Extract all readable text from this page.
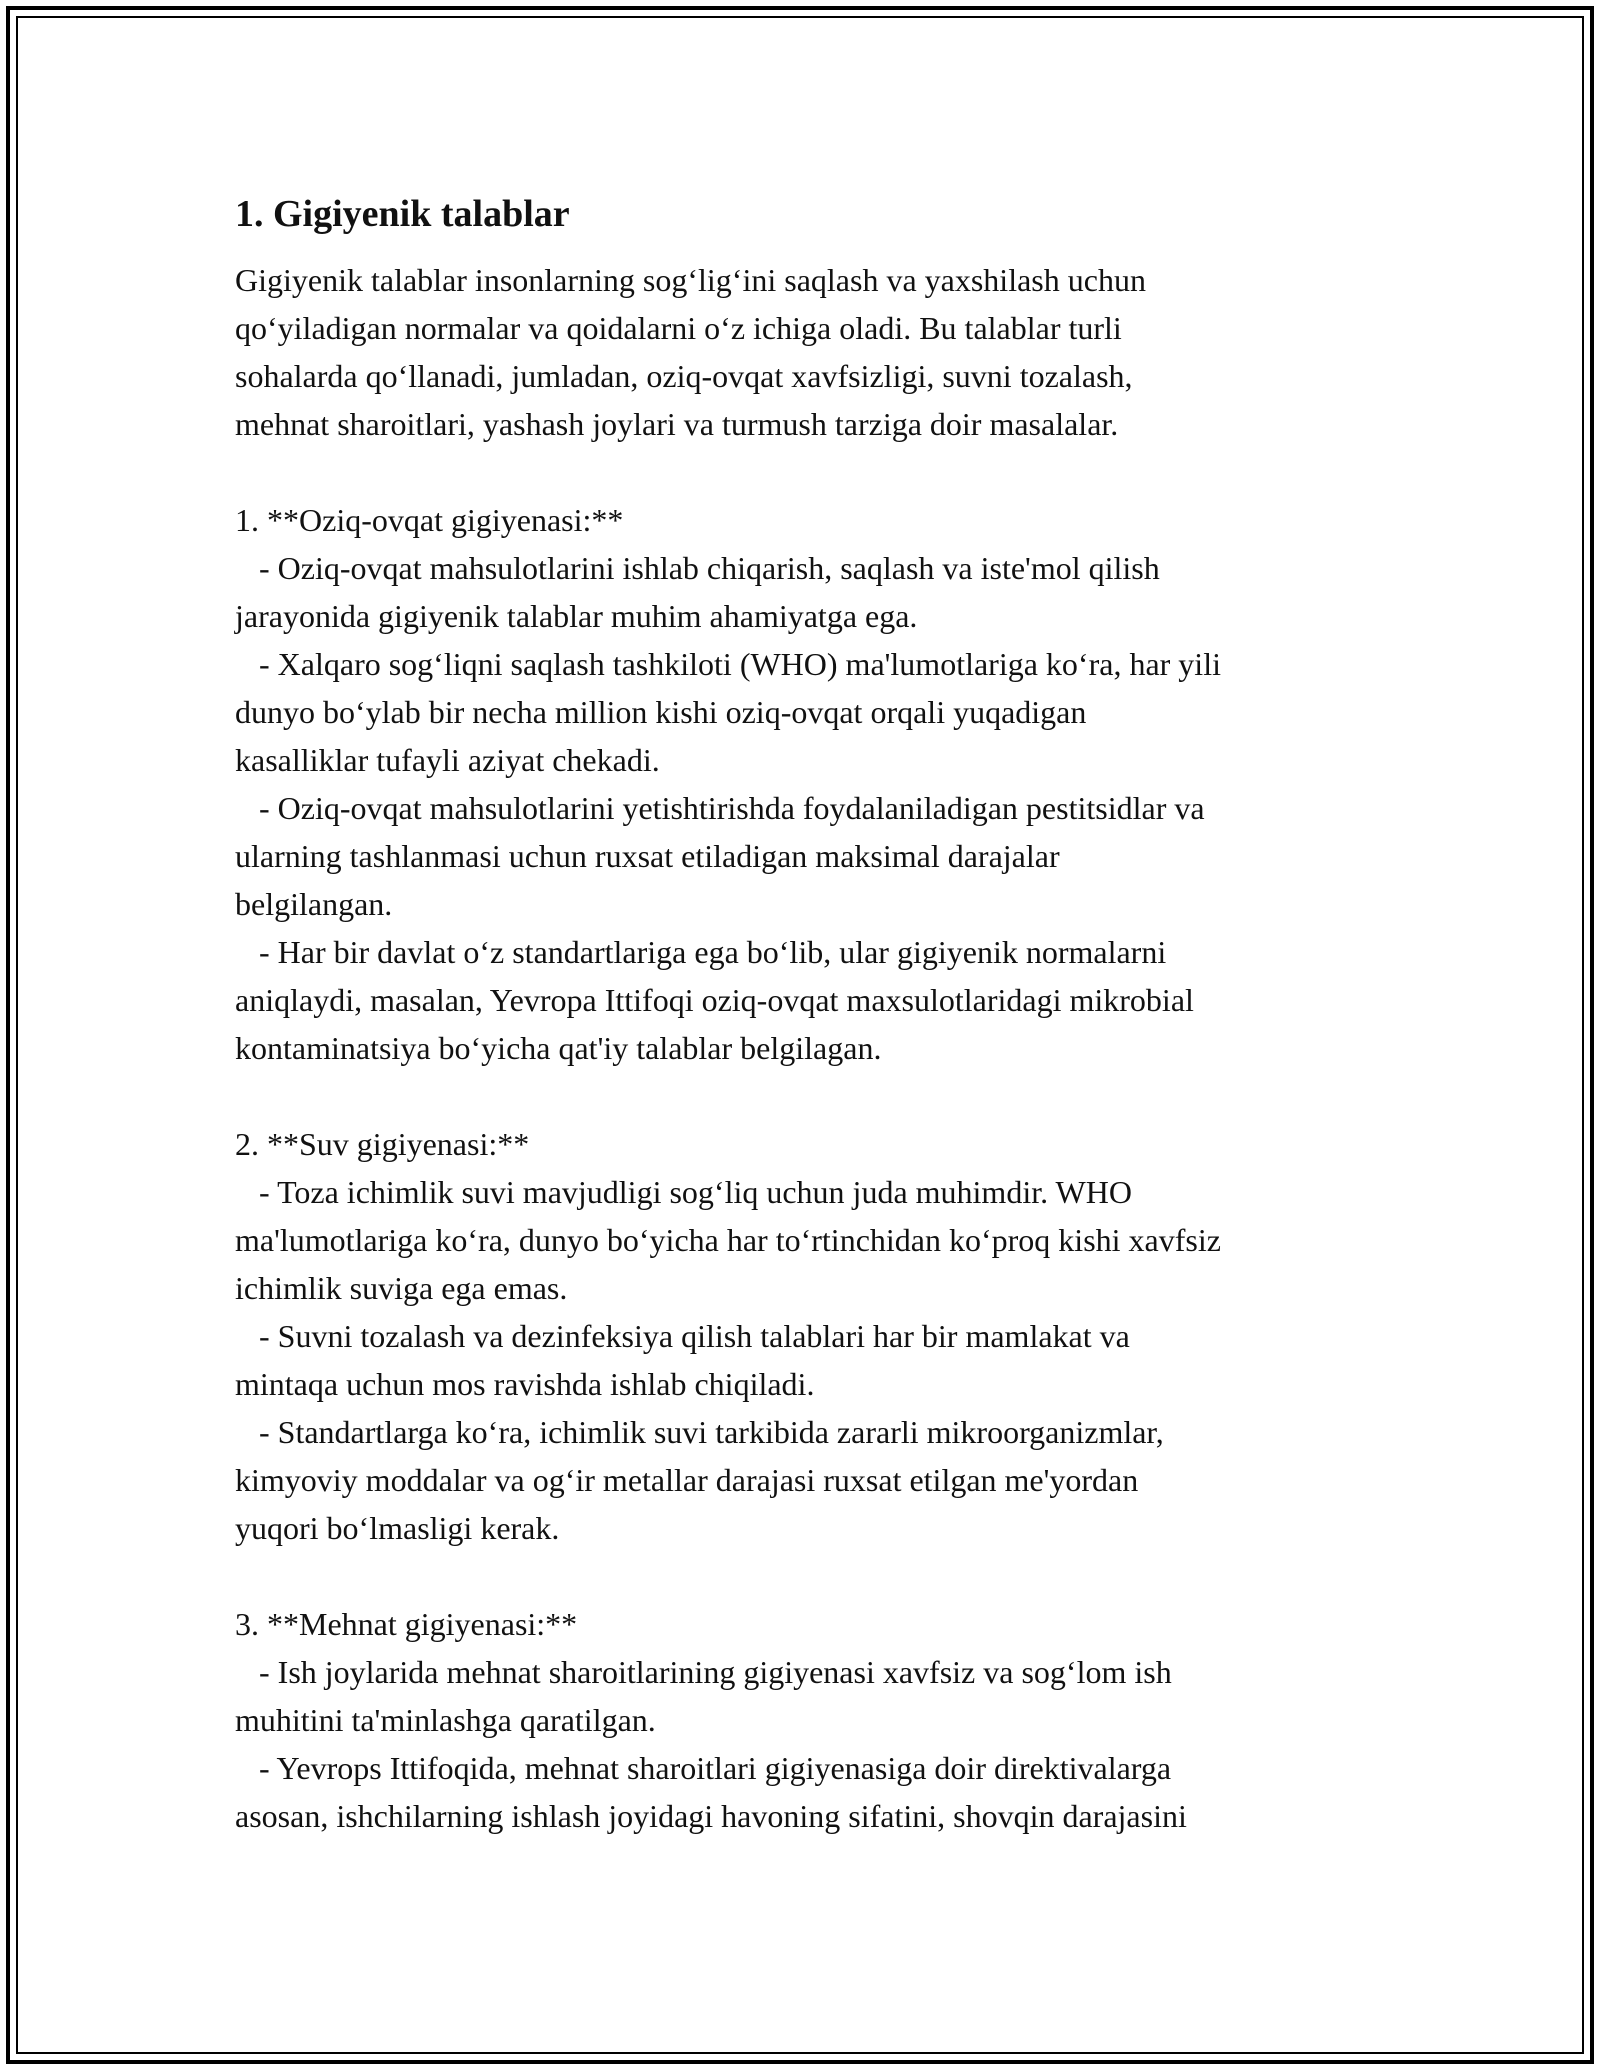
1. Gigiyenik talablar

Gigiyenik talablar insonlarning sog‘lig‘ini saqlash va yaxshilash uchun
qo‘yiladigan normalar va qoidalarni o‘z ichiga oladi. Bu talablar turli
sohalarda qo‘llanadi, jumladan, oziq-ovqat xavfsizligi, suvni tozalash,
mehnat sharoitlari, yashash joylari va turmush tarziga doir masalalar.

1. **Oziq-ovqat gigiyenasi:**
- Oziq-ovqat mahsulotlarini ishlab chiqarish, saqlash va iste'mol qilish
jarayonida gigiyenik talablar muhim ahamiyatga ega.
- Xalqaro sog‘liqni saqlash tashkiloti (WHO) ma'lumotlariga ko‘ra, har yili
dunyo bo‘ylab bir necha million kishi oziq-ovqat orqali yuqadigan
kasalliklar tufayli aziyat chekadi.
- Oziq-ovqat mahsulotlarini yetishtirishda foydalaniladigan pestitsidlar va
ularning tashlanmasi uchun ruxsat etiladigan maksimal darajalar
belgilangan.
- Har bir davlat o‘z standartlariga ega bo‘lib, ular gigiyenik normalarni
aniqlaydi, masalan, Yevropa Ittifoqi oziq-ovqat maxsulotlaridagi mikrobial
kontaminatsiya bo‘yicha qat'iy talablar belgilagan.

2. **Suv gigiyenasi:**
- Toza ichimlik suvi mavjudligi sog‘liq uchun juda muhimdir. WHO
ma'lumotlariga ko‘ra, dunyo bo‘yicha har to‘rtinchidan ko‘proq kishi xavfsiz
ichimlik suviga ega emas.
- Suvni tozalash va dezinfeksiya qilish talablari har bir mamlakat va
mintaqa uchun mos ravishda ishlab chiqiladi.
- Standartlarga ko‘ra, ichimlik suvi tarkibida zararli mikroorganizmlar,
kimyoviy moddalar va og‘ir metallar darajasi ruxsat etilgan me'yordan
yuqori bo‘lmasligi kerak.

3. **Mehnat gigiyenasi:**
- Ish joylarida mehnat sharoitlarining gigiyenasi xavfsiz va sog‘lom ish
muhitini ta'minlashga qaratilgan.
- Yevrops Ittifoqida, mehnat sharoitlari gigiyenasiga doir direktivalarga
asosan, ishchilarning ishlash joyidagi havoning sifatini, shovqin darajasini
